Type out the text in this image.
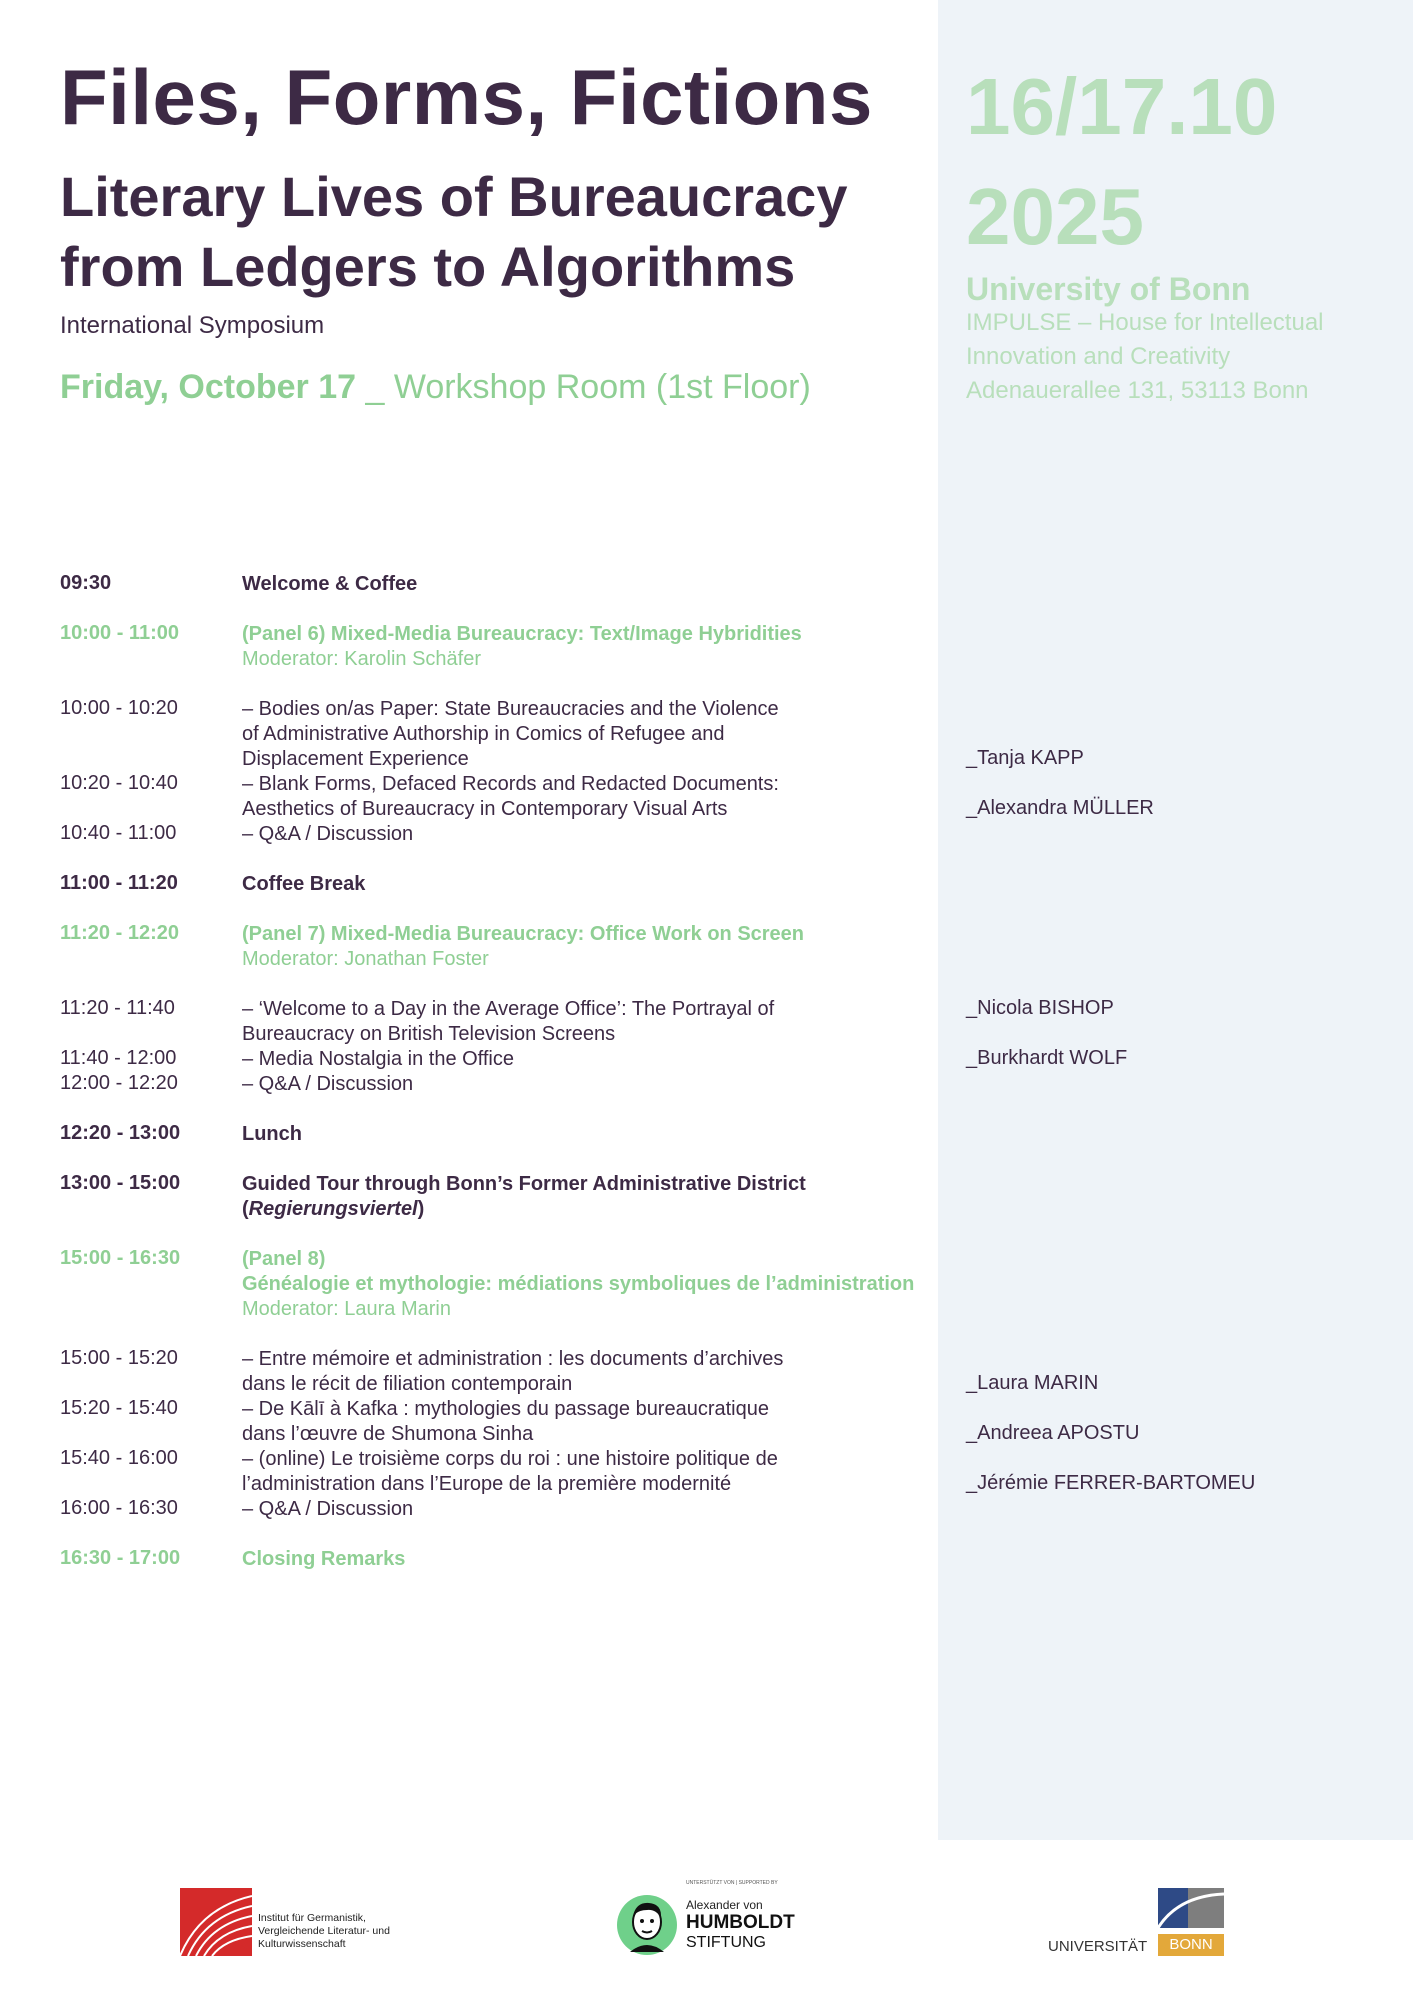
Files, Forms, Fictions
Literary Lives of Bureaucracy
from Ledgers to Algorithms
International Symposium
Friday, October 17 _ Workshop Room (1st Floor)
16/17.10
2025
University of Bonn
IMPULSE – House for Intellectual
Innovation and Creativity
Adenauerallee 131, 53113 Bonn
09:30	Welcome & Coffee
10:00 - 11:00	(Panel 6) Mixed-Media Bureaucracy: Text/Image Hybridities
Moderator: Karolin Schäfer
10:00 - 10:20	– Bodies on/as Paper: State Bureaucracies and the Violence
of Administrative Authorship in Comics of Refugee and
Displacement Experience	_Tanja KAPP
10:20 - 10:40	– Blank Forms, Defaced Records and Redacted Documents:
Aesthetics of Bureaucracy in Contemporary Visual Arts	_Alexandra MÜLLER
10:40 - 11:00	– Q&A / Discussion
11:00 - 11:20	Coffee Break
11:20 - 12:20	(Panel 7) Mixed-Media Bureaucracy: Office Work on Screen
Moderator: Jonathan Foster
11:20 - 11:40	– ‘Welcome to a Day in the Average Office’: The Portrayal of
Bureaucracy on British Television Screens
_Nicola BISHOP
11:40 - 12:00	– Media Nostalgia in the Office	_Burkhardt WOLF
12:00 - 12:20	– Q&A / Discussion
12:20 - 13:00	Lunch
13:00 - 15:00	Guided Tour through Bonn’s Former Administrative District
(Regierungsviertel)
15:00 - 16:30	(Panel 8)
Généalogie et mythologie: médiations symboliques de l’administration
Moderator: Laura Marin
15:00 - 15:20	– Entre mémoire et administration : les documents d’archives
dans le récit de filiation contemporain	_Laura MARIN
15:20 - 15:40	– De Kālī à Kafka : mythologies du passage bureaucratique
dans l’œuvre de Shumona Sinha	_Andreea APOSTU
15:40 - 16:00	– (online) Le troisième corps du roi : une histoire politique de
l’administration dans l’Europe de la première modernité	_Jérémie FERRER-BARTOMEU
16:00 - 16:30	– Q&A / Discussion
16:30 - 17:00	Closing Remarks
Institut für Germanistik,
Vergleichende Literatur- und
Kulturwissenschaft
UNTERSTÜTZT VON | SUPPORTED BY
Alexander von
HUMBOLDT
STIFTUNG	UNIVERSITÄT	BONN
